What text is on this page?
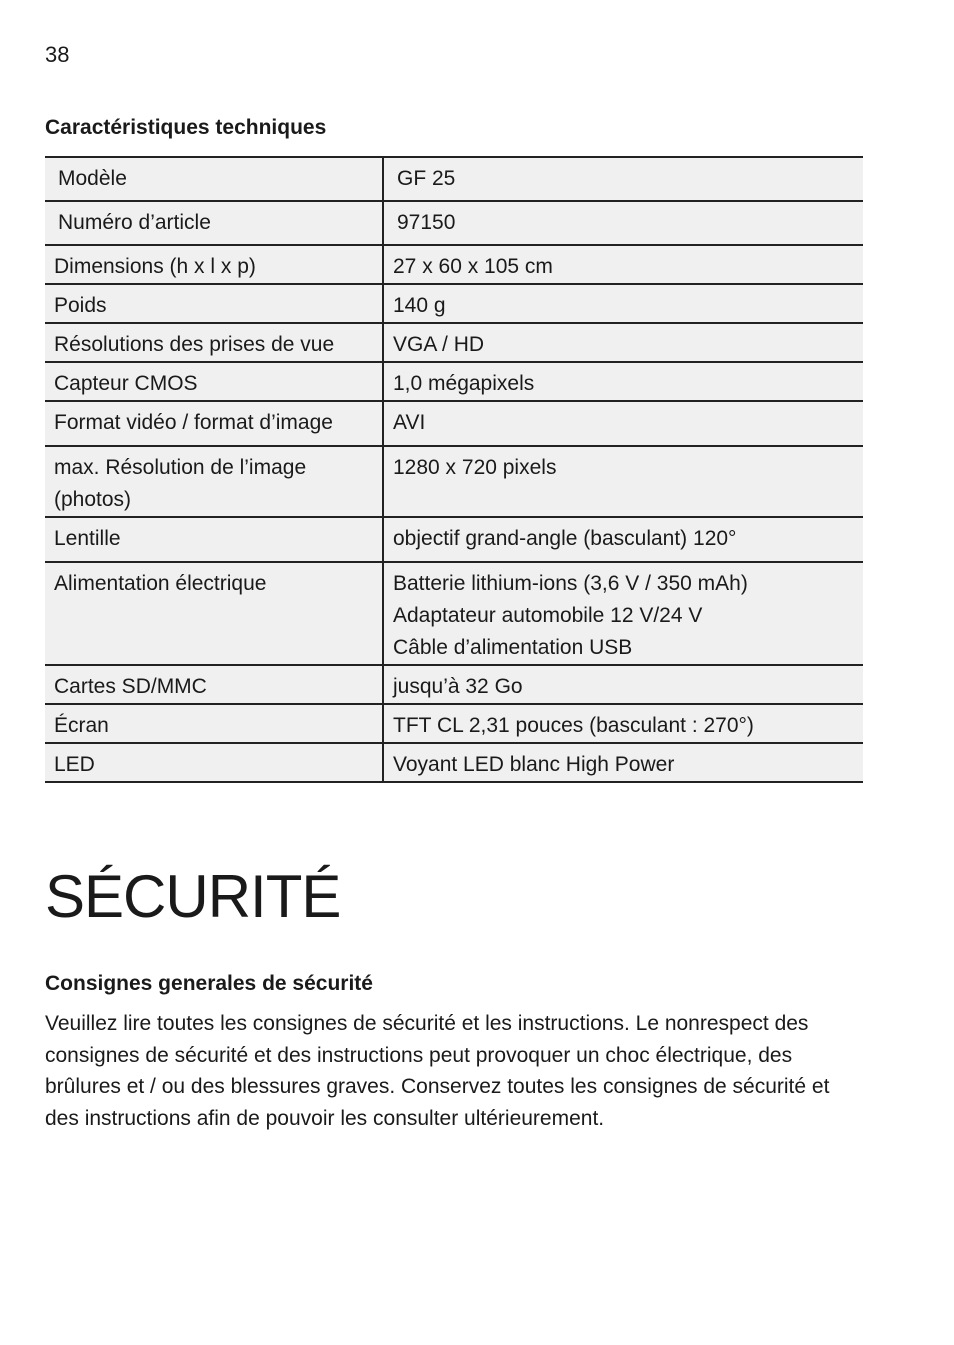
38
Caractéristiques techniques
Modèle	GF 25

Numéro d’article	97150

Dimensions (h x l x p)	27 x 60 x 105 cm

Poids	140 g

Résolutions des prises de vue	VGA / HD

Capteur CMOS	1,0 mégapixels

Format vidéo / format d’image	AVI

max. Résolution de l’image (photos)	1280 x 720 pixels

Lentille	objectif grand-angle (basculant) 120°

Alimentation électrique	Batterie lithium-ions (3,6 V / 350 mAh)
Adaptateur automobile 12 V/24 V
Câble d’alimentation USB

Cartes SD/MMC	jusqu’à 32 Go

Écran	TFT CL 2,31 pouces (basculant : 270°)

LED	Voyant LED blanc High Power
SÉCURITÉ
Consignes generales de sécurité
Veuillez lire toutes les consignes de sécurité et les instructions. Le nonrespect des consignes de sécurité et des instructions peut provoquer un choc électrique, des brûlures et / ou des blessures graves. Conservez toutes les consignes de sécurité et des instructions afin de pouvoir les consulter ultérieurement.
